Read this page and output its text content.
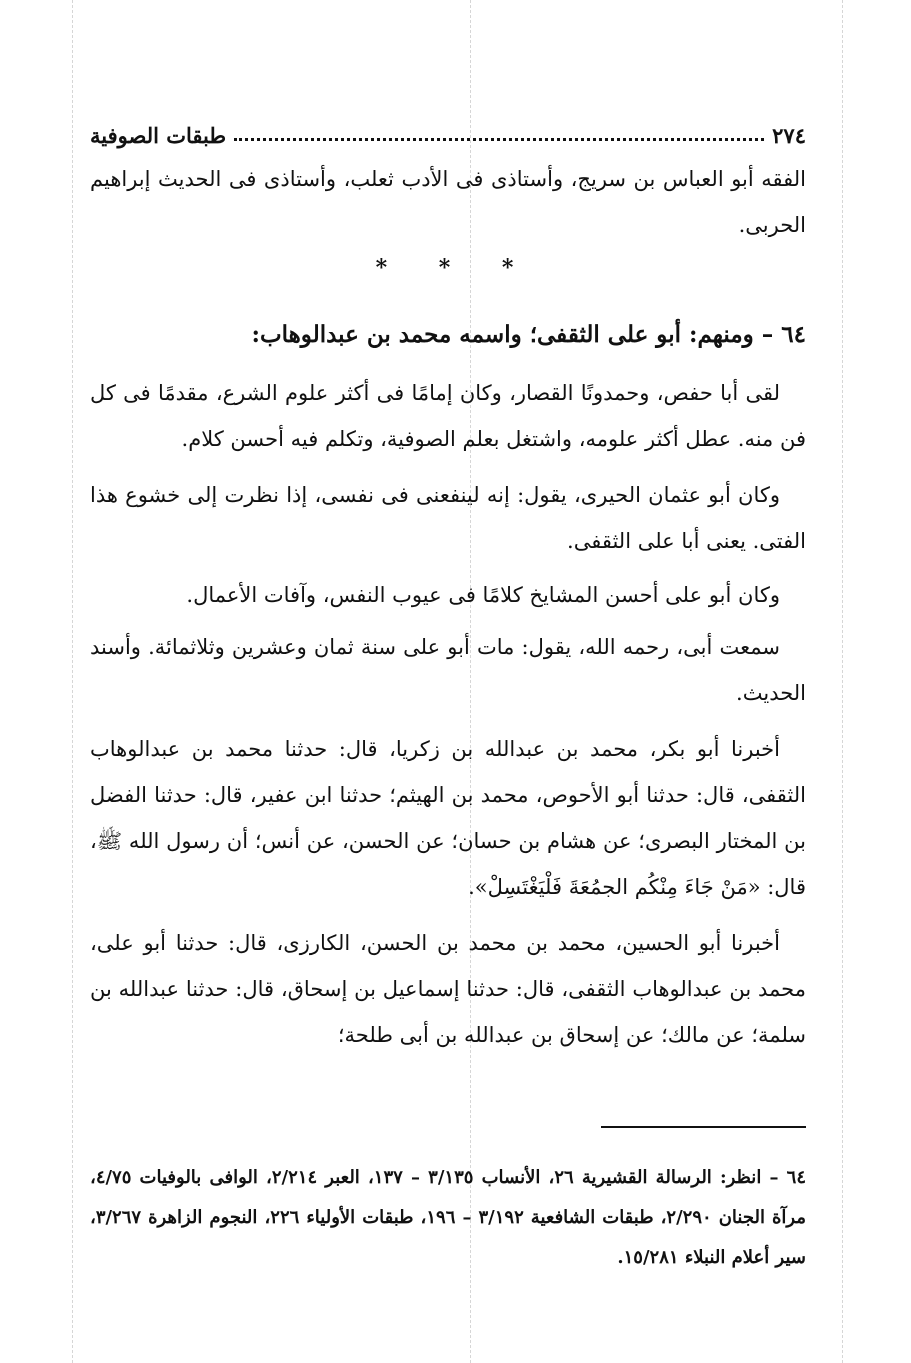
٢٧٤
طبقات الصوفية

الفقه أبو العباس بن سريج، وأستاذى فى الأدب ثعلب، وأستاذى فى الحديث إبراهيم الحربى.

* * *
٦٤ – ومنهم: أبو على الثقفى؛ واسمه محمد بن عبدالوهاب:

لقى أبا حفص، وحمدونًا القصار، وكان إمامًا فى أكثر علوم الشرع، مقدمًا فى كل فن منه. عطل أكثر علومه، واشتغل بعلم الصوفية، وتكلم فيه أحسن كلام.

وكان أبو عثمان الحيرى، يقول: إنه لينفعنى فى نفسى، إذا نظرت إلى خشوع هذا الفتى. يعنى أبا على الثقفى.

وكان أبو على أحسن المشايخ كلامًا فى عيوب النفس، وآفات الأعمال.

سمعت أبى، رحمه الله، يقول: مات أبو على سنة ثمان وعشرين وثلاثمائة. وأسند الحديث.

أخبرنا أبو بكر، محمد بن عبدالله بن زكريا، قال: حدثنا محمد بن عبدالوهاب الثقفى، قال: حدثنا أبو الأحوص، محمد بن الهيثم؛ حدثنا ابن عفير، قال: حدثنا الفضل بن المختار البصرى؛ عن هشام بن حسان؛ عن الحسن، عن أنس؛ أن رسول الله ﷺ، قال: «مَنْ جَاءَ مِنْكُم الجمُعَةَ فَلْيَغْتَسِلْ».

أخبرنا أبو الحسين، محمد بن محمد بن الحسن، الكارزى، قال: حدثنا أبو على، محمد بن عبدالوهاب الثقفى، قال: حدثنا إسماعيل بن إسحاق، قال: حدثنا عبدالله بن سلمة؛ عن مالك؛ عن إسحاق بن عبدالله بن أبى طلحة؛

٦٤ – انظر: الرسالة القشيرية ٢٦، الأنساب ٣/١٣٥ – ١٣٧، العبر ٢/٢١٤، الوافى بالوفيات ٤/٧٥، مرآة الجنان ٢/٢٩٠، طبقات الشافعية ٣/١٩٢ – ١٩٦، طبقات الأولياء ٢٢٦، النجوم الزاهرة ٣/٢٦٧، سير أعلام النبلاء ١٥/٢٨١.
